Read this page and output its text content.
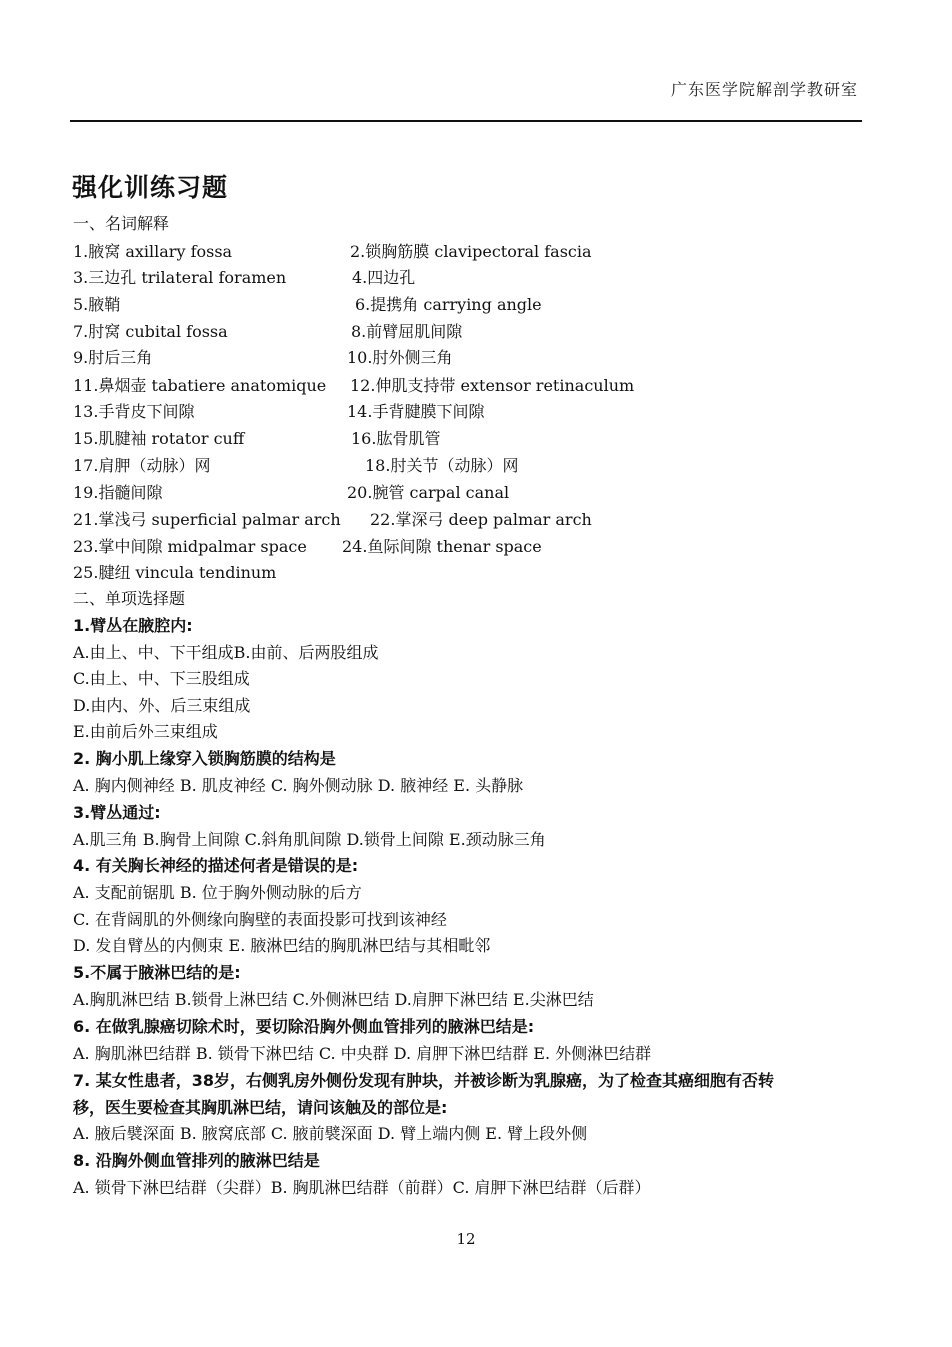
广东医学院解剖学教研室
强化训练习题
一、名词解释
1.腋窝 axillary fossa	2.锁胸筋膜 clavipectoral fascia
3.三边孔 trilateral foramen	4.四边孔
5.腋鞘	6.提携角 carrying angle
7.肘窝 cubital fossa	8.前臂屈肌间隙
9.肘后三角	10.肘外侧三角
11.鼻烟壶 tabatiere anatomique 12.伸肌支持带 extensor retinaculum
13.手背皮下间隙	14.手背腱膜下间隙
15.肌腱袖 rotator cuff	16.肱骨肌管
17.肩胛（动脉）网	18.肘关节（动脉）网
19.指髓间隙	20.腕管 carpal canal
21.掌浅弓 superficial palmar arch 22.掌深弓 deep palmar arch
23.掌中间隙 midpalmar space 24.鱼际间隙 thenar space
25.腱纽 vincula tendinum
二、单项选择题
1.臂丛在腋腔内:
A.由上、中、下干组成B.由前、后两股组成
C.由上、中、下三股组成
D.由内、外、后三束组成
E.由前后外三束组成
2. 胸小肌上缘穿入锁胸筋膜的结构是
A. 胸内侧神经 B. 肌皮神经 C. 胸外侧动脉 D. 腋神经 E. 头静脉
3.臂丛通过:
A.肌三角 B.胸骨上间隙 C.斜角肌间隙 D.锁骨上间隙 E.颈动脉三角
4. 有关胸长神经的描述何者是错误的是:
A. 支配前锯肌 B. 位于胸外侧动脉的后方
C. 在背阔肌的外侧缘向胸壁的表面投影可找到该神经
D. 发自臂丛的内侧束 E. 腋淋巴结的胸肌淋巴结与其相毗邻
5.不属于腋淋巴结的是:
A.胸肌淋巴结 B.锁骨上淋巴结 C.外侧淋巴结 D.肩胛下淋巴结 E.尖淋巴结
6. 在做乳腺癌切除术时，要切除沿胸外侧血管排列的腋淋巴结是:
A. 胸肌淋巴结群 B. 锁骨下淋巴结 C. 中央群 D. 肩胛下淋巴结群 E. 外侧淋巴结群
7. 某女性患者，38岁，右侧乳房外侧份发现有肿块，并被诊断为乳腺癌，为了检查其癌细胞有否转
移，医生要检查其胸肌淋巴结，请问该触及的部位是:
A. 腋后襞深面 B. 腋窝底部 C. 腋前襞深面 D. 臂上端内侧 E. 臂上段外侧
8. 沿胸外侧血管排列的腋淋巴结是
A. 锁骨下淋巴结群（尖群）B. 胸肌淋巴结群（前群）C. 肩胛下淋巴结群（后群）
12
